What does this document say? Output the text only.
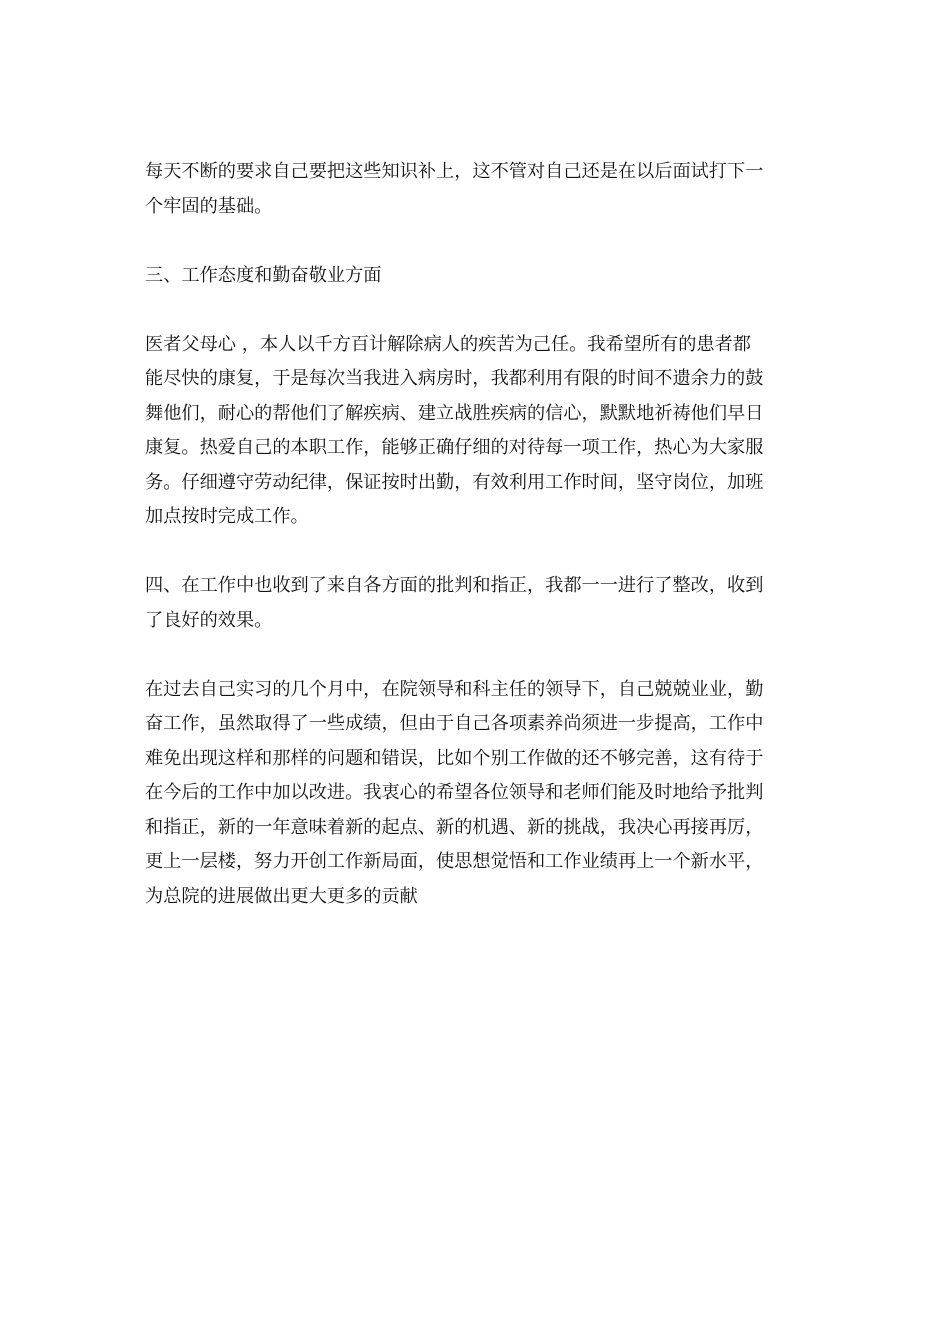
每天不断的要求自己要把这些知识补上，这不管对自己还是在以后面试打下一
个牢固的基础。

三、工作态度和勤奋敬业方面

医者父母心 ，本人以千方百计解除病人的疾苦为己任。我希望所有的患者都
能尽快的康复，于是每次当我进入病房时，我都利用有限的时间不遗余力的鼓
舞他们，耐心的帮他们了解疾病、建立战胜疾病的信心，默默地祈祷他们早日
康复。热爱自己的本职工作，能够正确仔细的对待每一项工作，热心为大家服
务。仔细遵守劳动纪律，保证按时出勤，有效利用工作时间，坚守岗位，加班
加点按时完成工作。

四、在工作中也收到了来自各方面的批判和指正，我都一一进行了整改，收到
了良好的效果。

在过去自己实习的几个月中，在院领导和科主任的领导下，自己兢兢业业，勤
奋工作，虽然取得了一些成绩，但由于自己各项素养尚须进一步提高，工作中
难免出现这样和那样的问题和错误，比如个别工作做的还不够完善，这有待于
在今后的工作中加以改进。我衷心的希望各位领导和老师们能及时地给予批判
和指正，新的一年意味着新的起点、新的机遇、新的挑战，我决心再接再厉，
更上一层楼，努力开创工作新局面，使思想觉悟和工作业绩再上一个新水平，
为总院的进展做出更大更多的贡献
